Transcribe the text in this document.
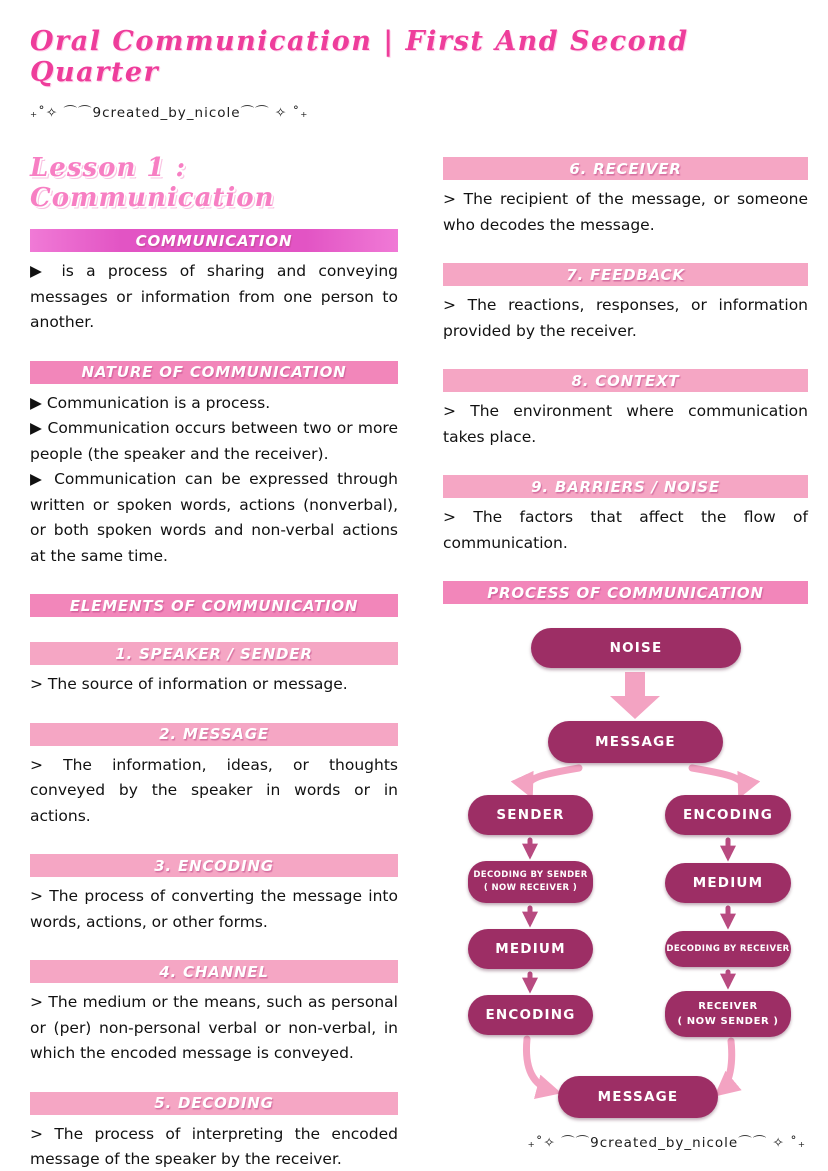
Oral Communication | First And Second Quarter
₊˚✧ ⌒⌒9created_by_nicole⌒⌒ ✧ ˚₊
Lesson 1 : Communication
COMMUNICATION

▶ is a process of sharing and conveying messages or information from one person to another.

NATURE OF COMMUNICATION

▶ Communication is a process.

▶ Communication occurs between two or more people (the speaker and the receiver).

▶ Communication can be expressed through written or spoken words, actions (nonverbal), or both spoken words and non-verbal actions at the same time.

ELEMENTS OF COMMUNICATION
1. SPEAKER / SENDER

> The source of information or message.

2. MESSAGE

> The information, ideas, or thoughts conveyed by the speaker in words or in actions.

3. ENCODING

> The process of converting the message into words, actions, or other forms.

4. CHANNEL

> The medium or the means, such as personal or (per) non-personal verbal or non-verbal, in which the encoded message is conveyed.

5. DECODING

> The process of interpreting the encoded message of the speaker by the receiver.

6. RECEIVER

> The recipient of the message, or someone who decodes the message.

7. FEEDBACK

> The reactions, responses, or information provided by the receiver.

8. CONTEXT

> The environment where communication takes place.

9. BARRIERS / NOISE

> The factors that affect the flow of communication.

PROCESS OF COMMUNICATION
NOISE
MESSAGE
SENDER	ENCODING
DECODING BY SENDER
( NOW RECEIVER )	MEDIUM
MEDIUM	DECODING BY RECEIVER
ENCODING
RECEIVER
( NOW SENDER )
MESSAGE
₊˚✧ ⌒⌒9created_by_nicole⌒⌒ ✧ ˚₊
